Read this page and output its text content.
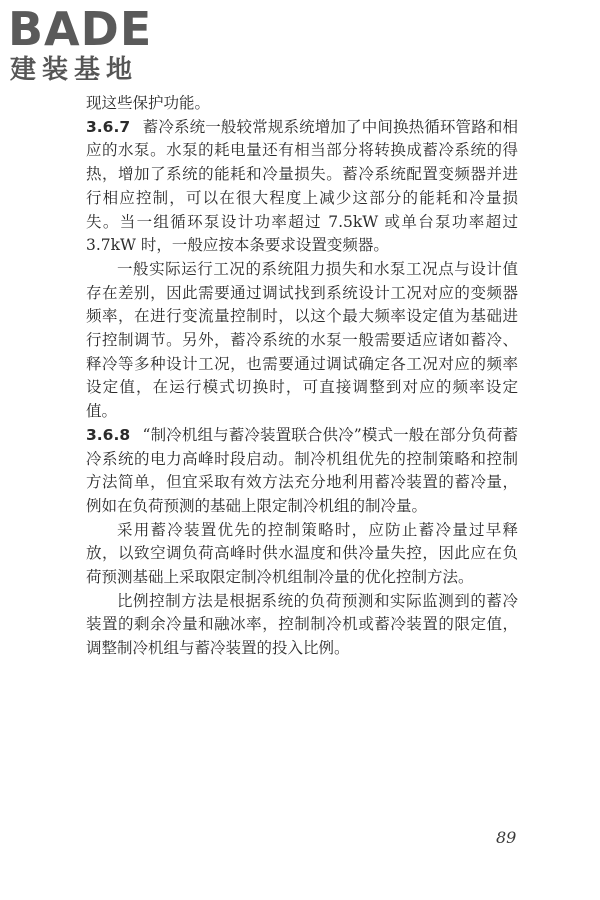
BADE
建装基地

现这些保护功能。

3.6.7 蓄冷系统一般较常规系统增加了中间换热循环管路和相应的水泵。水泵的耗电量还有相当部分将转换成蓄冷系统的得热，增加了系统的能耗和冷量损失。蓄冷系统配置变频器并进行相应控制，可以在很大程度上减少这部分的能耗和冷量损失。当一组循环泵设计功率超过 7.5kW 或单台泵功率超过 3.7kW 时，一般应按本条要求设置变频器。

一般实际运行工况的系统阻力损失和水泵工况点与设计值存在差别，因此需要通过调试找到系统设计工况对应的变频器频率，在进行变流量控制时，以这个最大频率设定值为基础进行控制调节。另外，蓄冷系统的水泵一般需要适应诸如蓄冷、释冷等多种设计工况，也需要通过调试确定各工况对应的频率设定值，在运行模式切换时，可直接调整到对应的频率设定值。

3.6.8 “制冷机组与蓄冷装置联合供冷”模式一般在部分负荷蓄冷系统的电力高峰时段启动。制冷机组优先的控制策略和控制方法简单，但宜采取有效方法充分地利用蓄冷装置的蓄冷量，例如在负荷预测的基础上限定制冷机组的制冷量。

采用蓄冷装置优先的控制策略时，应防止蓄冷量过早释放，以致空调负荷高峰时供水温度和供冷量失控，因此应在负荷预测基础上采取限定制冷机组制冷量的优化控制方法。

比例控制方法是根据系统的负荷预测和实际监测到的蓄冷装置的剩余冷量和融冰率，控制制冷机或蓄冷装置的限定值，调整制冷机组与蓄冷装置的投入比例。

89
